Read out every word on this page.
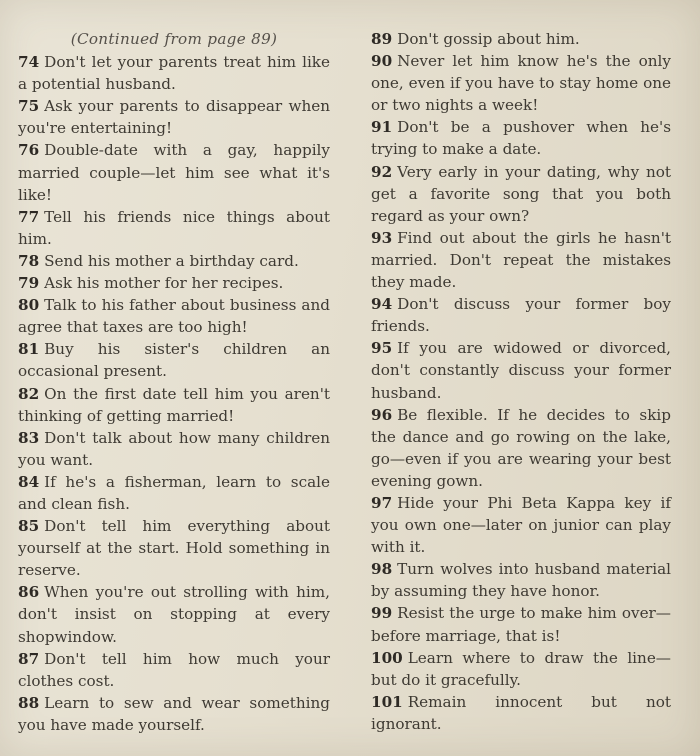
(Continued from page 89)

74 Don't let your parents treat him like a potential husband.

75 Ask your parents to disappear when you're entertaining!

76 Double-date with a gay, happily married couple—let him see what it's like!

77 Tell his friends nice things about him.

78 Send his mother a birthday card.

79 Ask his mother for her recipes.

80 Talk to his father about business and agree that taxes are too high!

81 Buy his sister's children an occasional present.

82 On the first date tell him you aren't thinking of getting married!

83 Don't talk about how many children you want.

84 If he's a fisherman, learn to scale and clean fish.

85 Don't tell him everything about yourself at the start. Hold something in reserve.

86 When you're out strolling with him, don't insist on stopping at every shopwindow.

87 Don't tell him how much your clothes cost.

88 Learn to sew and wear something you have made yourself.

89 Don't gossip about him.

90 Never let him know he's the only one, even if you have to stay home one or two nights a week!

91 Don't be a pushover when he's trying to make a date.

92 Very early in your dating, why not get a favorite song that you both regard as your own?

93 Find out about the girls he hasn't married. Don't repeat the mistakes they made.

94 Don't discuss your former boy friends.

95 If you are widowed or divorced, don't constantly discuss your former husband.

96 Be flexible. If he decides to skip the dance and go rowing on the lake, go—even if you are wearing your best evening gown.

97 Hide your Phi Beta Kappa key if you own one—later on junior can play with it.

98 Turn wolves into husband material by assuming they have honor.

99 Resist the urge to make him over—before marriage, that is!

100 Learn where to draw the line—but do it gracefully.

101 Remain innocent but not ignorant.
